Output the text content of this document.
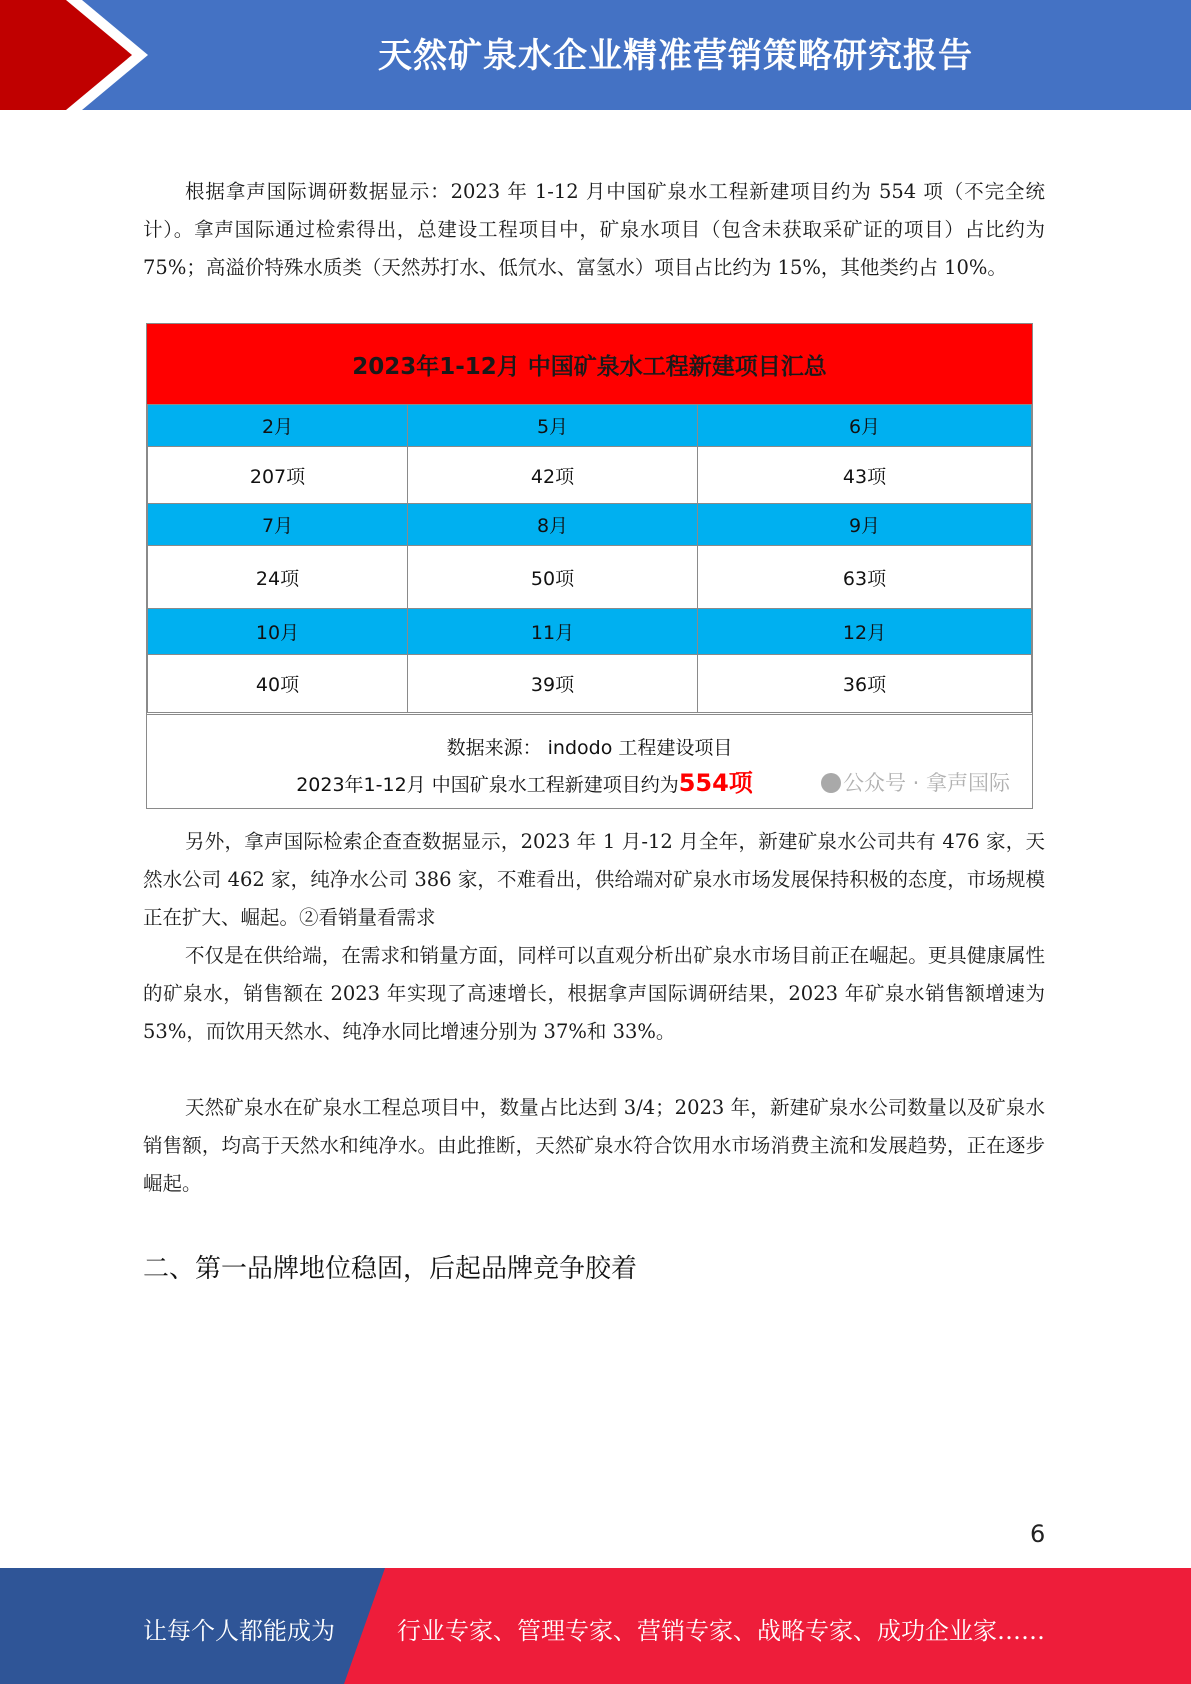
天然矿泉水企业精准营销策略研究报告

根据拿声国际调研数据显示：2023 年 1-12 月中国矿泉水工程新建项目约为 554 项（不完全统计）。拿声国际通过检索得出，总建设工程项目中，矿泉水项目（包含未获取采矿证的项目）占比约为 75%；高溢价特殊水质类（天然苏打水、低氘水、富氢水）项目占比约为 15%，其他类约占 10%。

2023年1-12月 中国矿泉水工程新建项目汇总
2月	5月	6月
207项	42项	43项
7月	8月	9月
24项	50项	63项
10月	11月	12月
40项	39项	36项
数据来源： indodo 工程建设项目
2023年1-12月 中国矿泉水工程新建项目约为554项	公众号 · 拿声国际

另外，拿声国际检索企查查数据显示，2023 年 1 月-12 月全年，新建矿泉水公司共有 476 家，天然水公司 462 家，纯净水公司 386 家，不难看出，供给端对矿泉水市场发展保持积极的态度，市场规模正在扩大、崛起。②看销量看需求

不仅是在供给端，在需求和销量方面，同样可以直观分析出矿泉水市场目前正在崛起。更具健康属性的矿泉水，销售额在 2023 年实现了高速增长，根据拿声国际调研结果，2023 年矿泉水销售额增速为 53%，而饮用天然水、纯净水同比增速分别为 37%和 33%。

天然矿泉水在矿泉水工程总项目中，数量占比达到 3/4；2023 年，新建矿泉水公司数量以及矿泉水销售额，均高于天然水和纯净水。由此推断，天然矿泉水符合饮用水市场消费主流和发展趋势，正在逐步崛起。

二、第一品牌地位稳固，后起品牌竞争胶着
6
让每个人都能成为	行业专家、管理专家、营销专家、战略专家、成功企业家……
